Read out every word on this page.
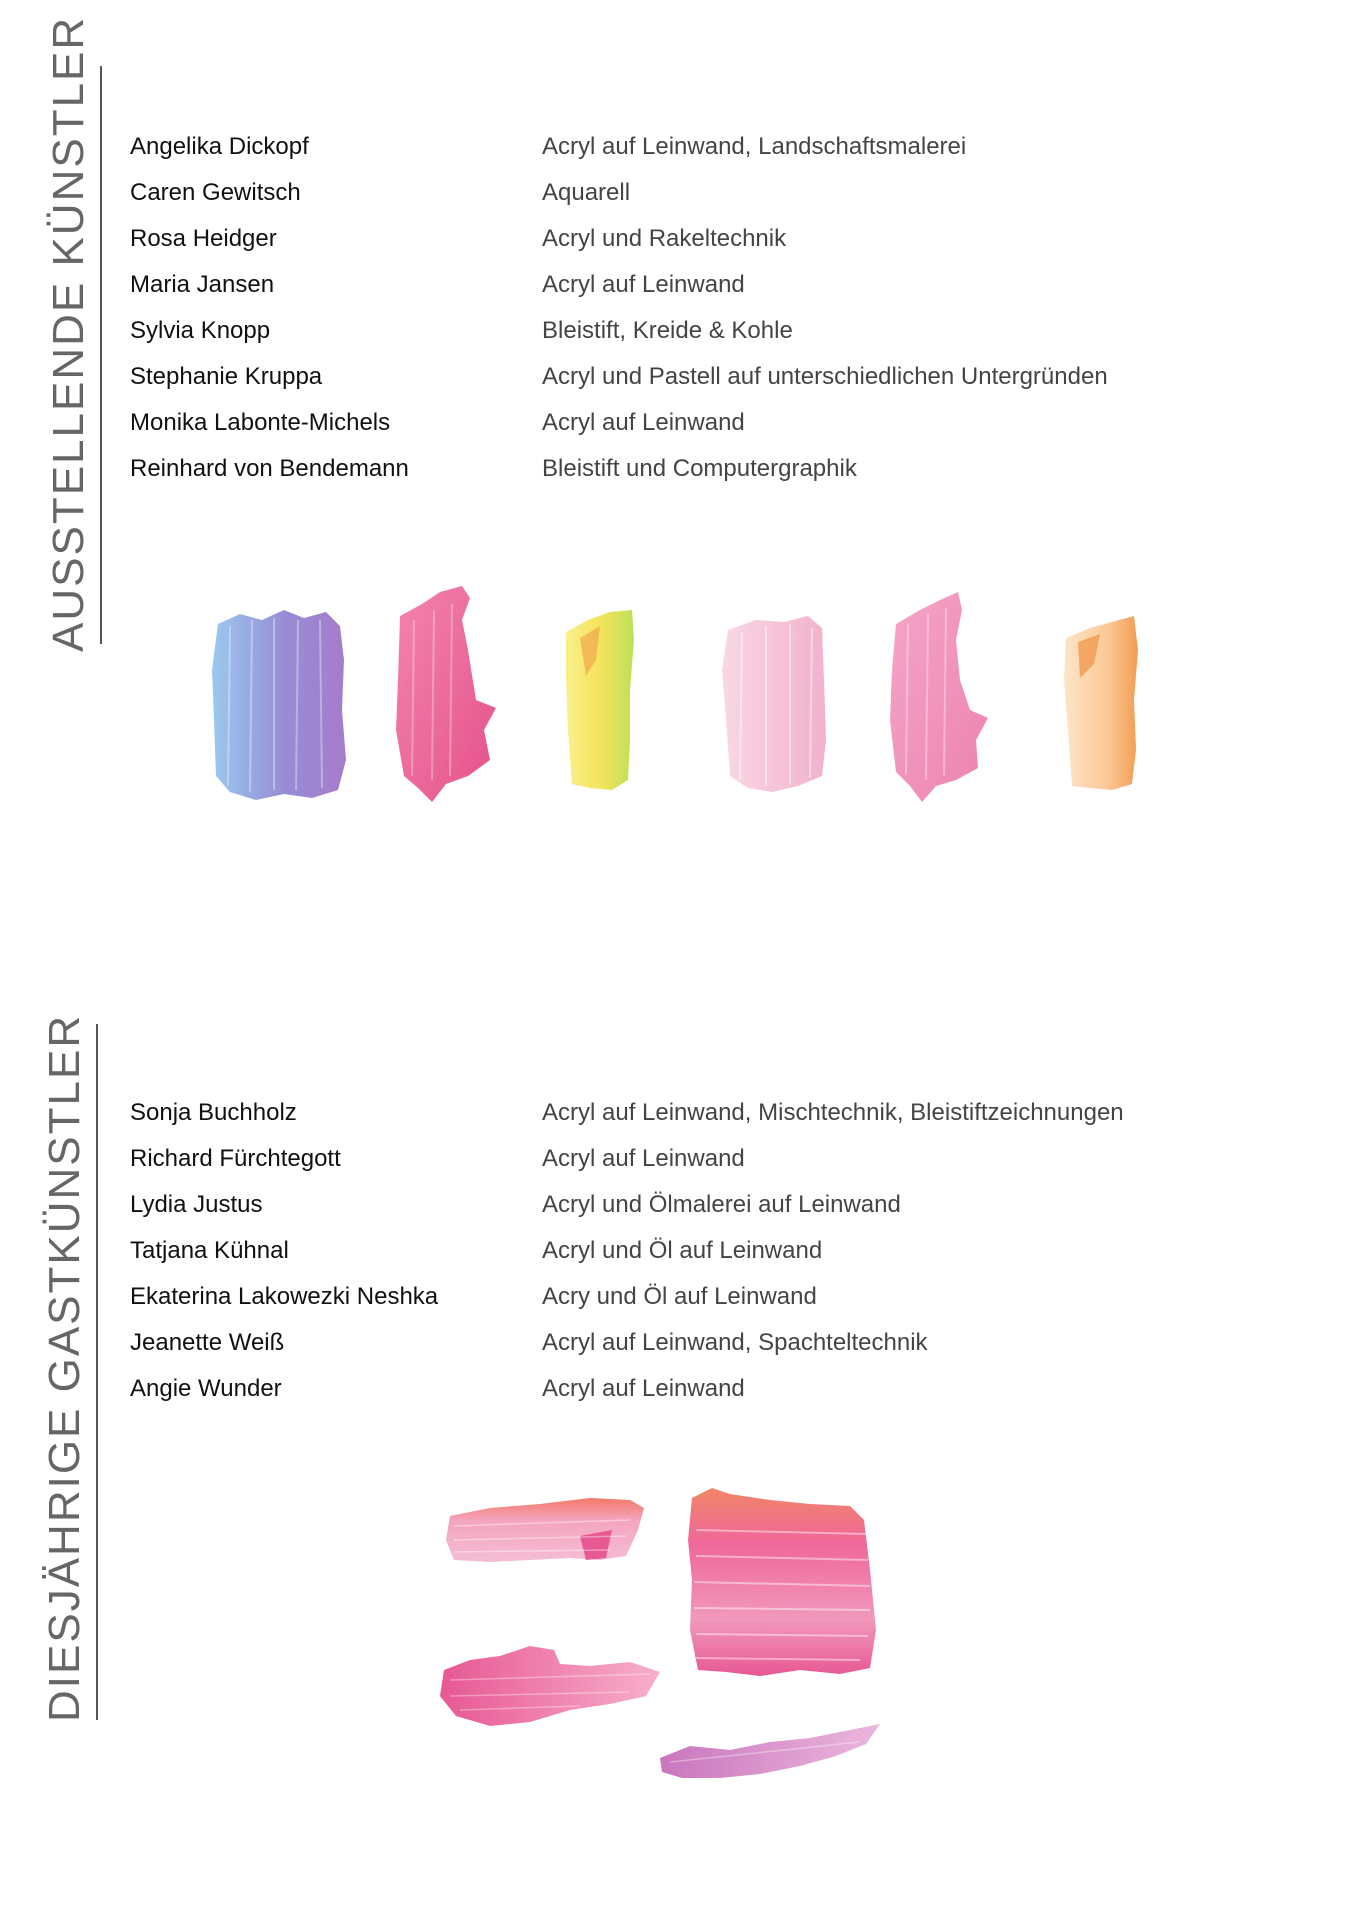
AUSSTELLENDE KÜNSTLER Angelika Dickopf	Acryl auf Leinwand, Landschaftsmalerei
Caren Gewitsch	Aquarell
Rosa Heidger	Acryl und Rakeltechnik
Maria Jansen	Acryl auf Leinwand
Sylvia Knopp	Bleistift, Kreide & Kohle
Stephanie Kruppa	Acryl und Pastell auf unterschiedlichen Untergründen
Monika Labonte-Michels	Acryl auf Leinwand
Reinhard von Bendemann	Bleistift und Computergraphik
DIESJÄHRIGE GASTKÜNSTLER Sonja Buchholz	Acryl auf Leinwand, Mischtechnik, Bleistiftzeichnungen
Richard Fürchtegott	Acryl auf Leinwand
Lydia Justus	Acryl und Ölmalerei auf Leinwand
Tatjana Kühnal	Acryl und Öl auf Leinwand
Ekaterina Lakowezki Neshka	Acry und Öl auf Leinwand
Jeanette Weiß	Acryl auf Leinwand, Spachteltechnik
Angie Wunder	Acryl auf Leinwand
